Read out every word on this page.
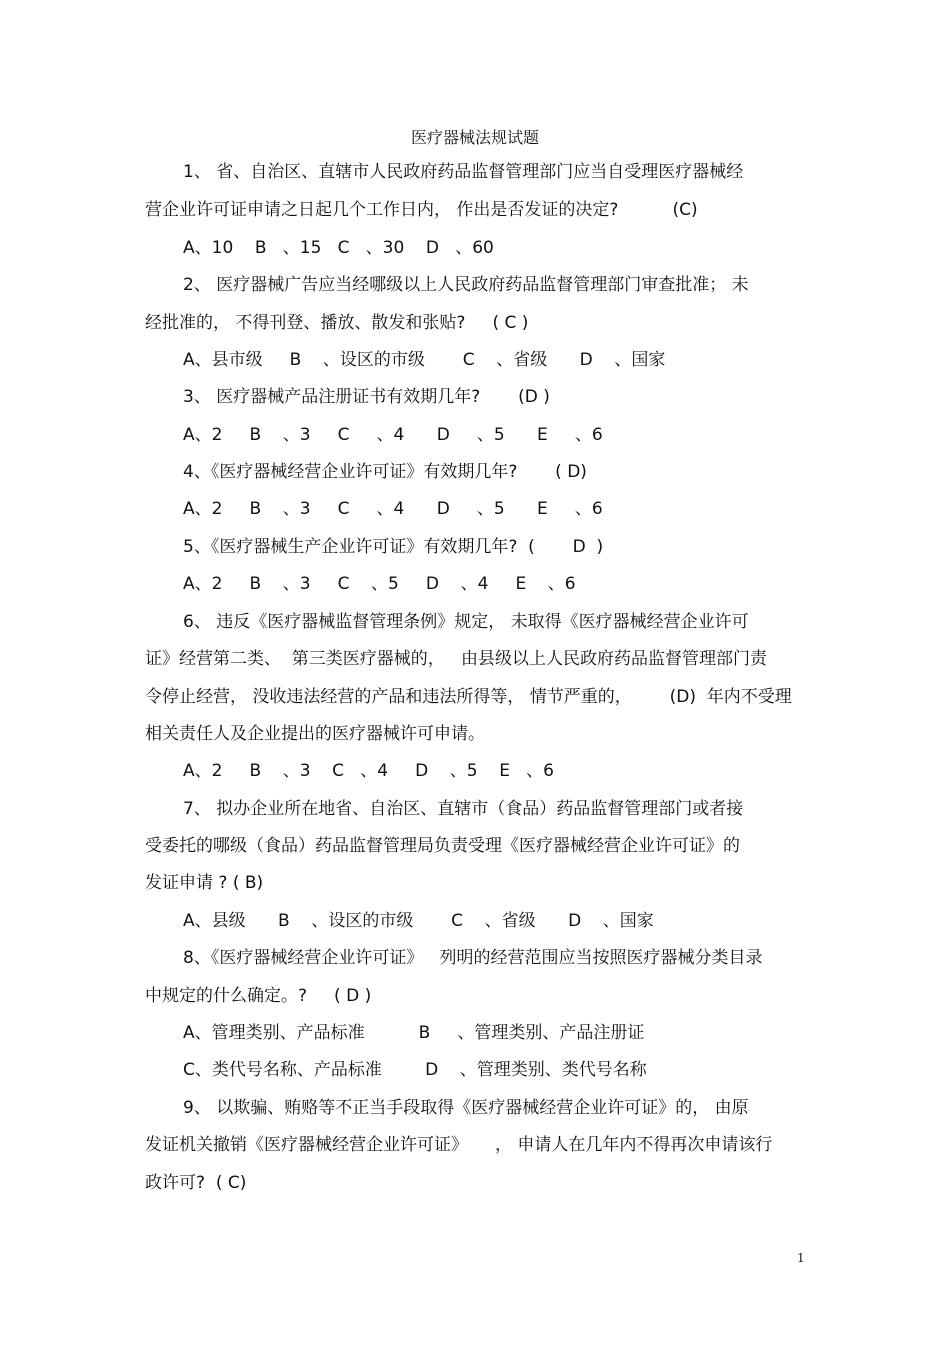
医疗器械法规试题
1、 省、自治区、直辖市人民政府药品监督管理部门应当自受理医疗器械经
营企业许可证申请之日起几个工作日内， 作出是否发证的决定?          (C)
A、10    B   、15   C   、30    D   、60
2、 医疗器械广告应当经哪级以上人民政府药品监督管理部门审查批准； 未
经批准的， 不得刊登、播放、散发和张贴?     ( C )
A、县市级     B    、设区的市级       C    、省级      D    、国家
3、 医疗器械产品注册证书有效期几年?       (D )
A、2     B    、3     C     、4      D     、5      E     、6
4、《医疗器械经营企业许可证》有效期几年?       ( D)
A、2     B    、3     C     、4      D     、5      E     、6
5、《医疗器械生产企业许可证》有效期几年?  (       D  )
A、2     B    、3     C    、5     D    、4     E    、6
6、 违反《医疗器械监督管理条例》规定， 未取得《医疗器械经营企业许可
证》经营第二类、  第三类医疗器械的，   由县级以上人民政府药品监督管理部门责
令停止经营， 没收违法经营的产品和违法所得等， 情节严重的，       (D)  年内不受理
相关责任人及企业提出的医疗器械许可申请。
A、2     B    、3    C   、4     D    、5    E   、6
7、 拟办企业所在地省、自治区、直辖市（食品）药品监督管理部门或者接
受委托的哪级（食品）药品监督管理局负责受理《医疗器械经营企业许可证》的
发证申请 ? ( B)
A、县级      B    、设区的市级       C    、省级      D    、国家
8、《医疗器械经营企业许可证》   列明的经营范围应当按照医疗器械分类目录
中规定的什么确定。?     ( D )
A、管理类别、产品标准          B     、管理类别、产品注册证
C、类代号名称、产品标准        D    、管理类别、类代号名称
9、 以欺骗、贿赂等不正当手段取得《医疗器械经营企业许可证》的， 由原
发证机关撤销《医疗器械经营企业许可证》     ， 申请人在几年内不得再次申请该行
政许可?  ( C)
1
